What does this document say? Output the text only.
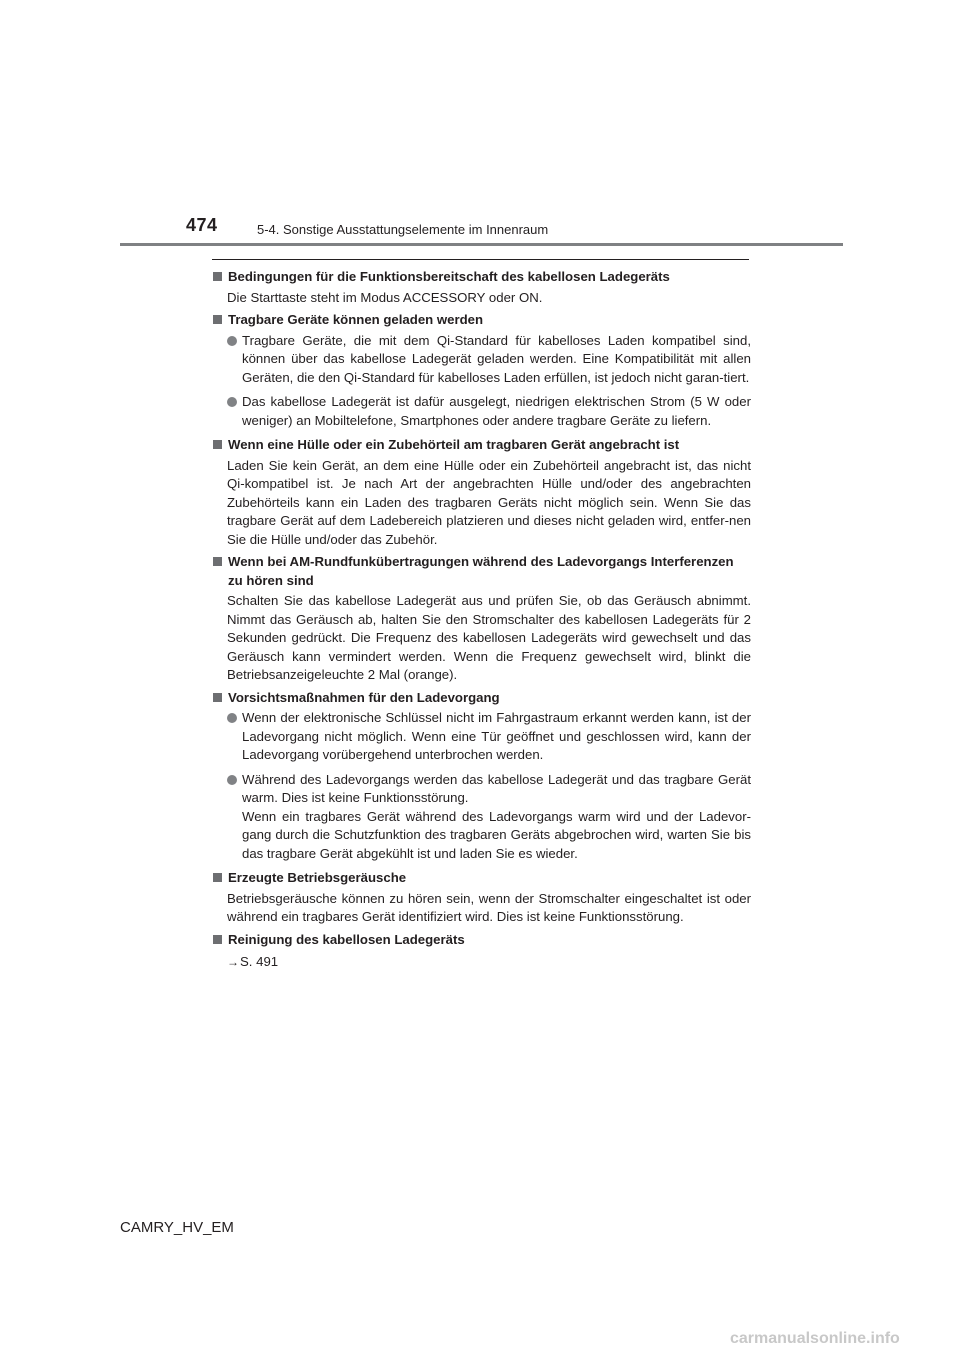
474	5-4. Sonstige Ausstattungselemente im Innenraum
Bedingungen für die Funktionsbereitschaft des kabellosen Ladegeräts
Die Starttaste steht im Modus ACCESSORY oder ON.
Tragbare Geräte können geladen werden
Tragbare Geräte, die mit dem Qi-Standard für kabelloses Laden kompatibel sind, können über das kabellose Ladegerät geladen werden. Eine Kompatibilität mit allen Geräten, die den Qi-Standard für kabelloses Laden erfüllen, ist jedoch nicht garan-tiert.
Das kabellose Ladegerät ist dafür ausgelegt, niedrigen elektrischen Strom (5 W oder weniger) an Mobiltelefone, Smartphones oder andere tragbare Geräte zu liefern.
Wenn eine Hülle oder ein Zubehörteil am tragbaren Gerät angebracht ist
Laden Sie kein Gerät, an dem eine Hülle oder ein Zubehörteil angebracht ist, das nicht Qi-kompatibel ist. Je nach Art der angebrachten Hülle und/oder des angebrachten Zubehörteils kann ein Laden des tragbaren Geräts nicht möglich sein. Wenn Sie das tragbare Gerät auf dem Ladebereich platzieren und dieses nicht geladen wird, entfer-nen Sie die Hülle und/oder das Zubehör.
Wenn bei AM-Rundfunkübertragungen während des Ladevorgangs Interferenzen zu hören sind
Schalten Sie das kabellose Ladegerät aus und prüfen Sie, ob das Geräusch abnimmt. Nimmt das Geräusch ab, halten Sie den Stromschalter des kabellosen Ladegeräts für 2 Sekunden gedrückt. Die Frequenz des kabellosen Ladegeräts wird gewechselt und das Geräusch kann vermindert werden. Wenn die Frequenz gewechselt wird, blinkt die Betriebsanzeigeleuchte 2 Mal (orange).
Vorsichtsmaßnahmen für den Ladevorgang
Wenn der elektronische Schlüssel nicht im Fahrgastraum erkannt werden kann, ist der Ladevorgang nicht möglich. Wenn eine Tür geöffnet und geschlossen wird, kann der Ladevorgang vorübergehend unterbrochen werden.
Während des Ladevorgangs werden das kabellose Ladegerät und das tragbare Gerät warm. Dies ist keine Funktionsstörung.
Wenn ein tragbares Gerät während des Ladevorgangs warm wird und der Ladevor-gang durch die Schutzfunktion des tragbaren Geräts abgebrochen wird, warten Sie bis das tragbare Gerät abgekühlt ist und laden Sie es wieder.
Erzeugte Betriebsgeräusche
Betriebsgeräusche können zu hören sein, wenn der Stromschalter eingeschaltet ist oder während ein tragbares Gerät identifiziert wird. Dies ist keine Funktionsstörung.
Reinigung des kabellosen Ladegeräts
→S. 491
CAMRY_HV_EM
carmanualsonline.info
